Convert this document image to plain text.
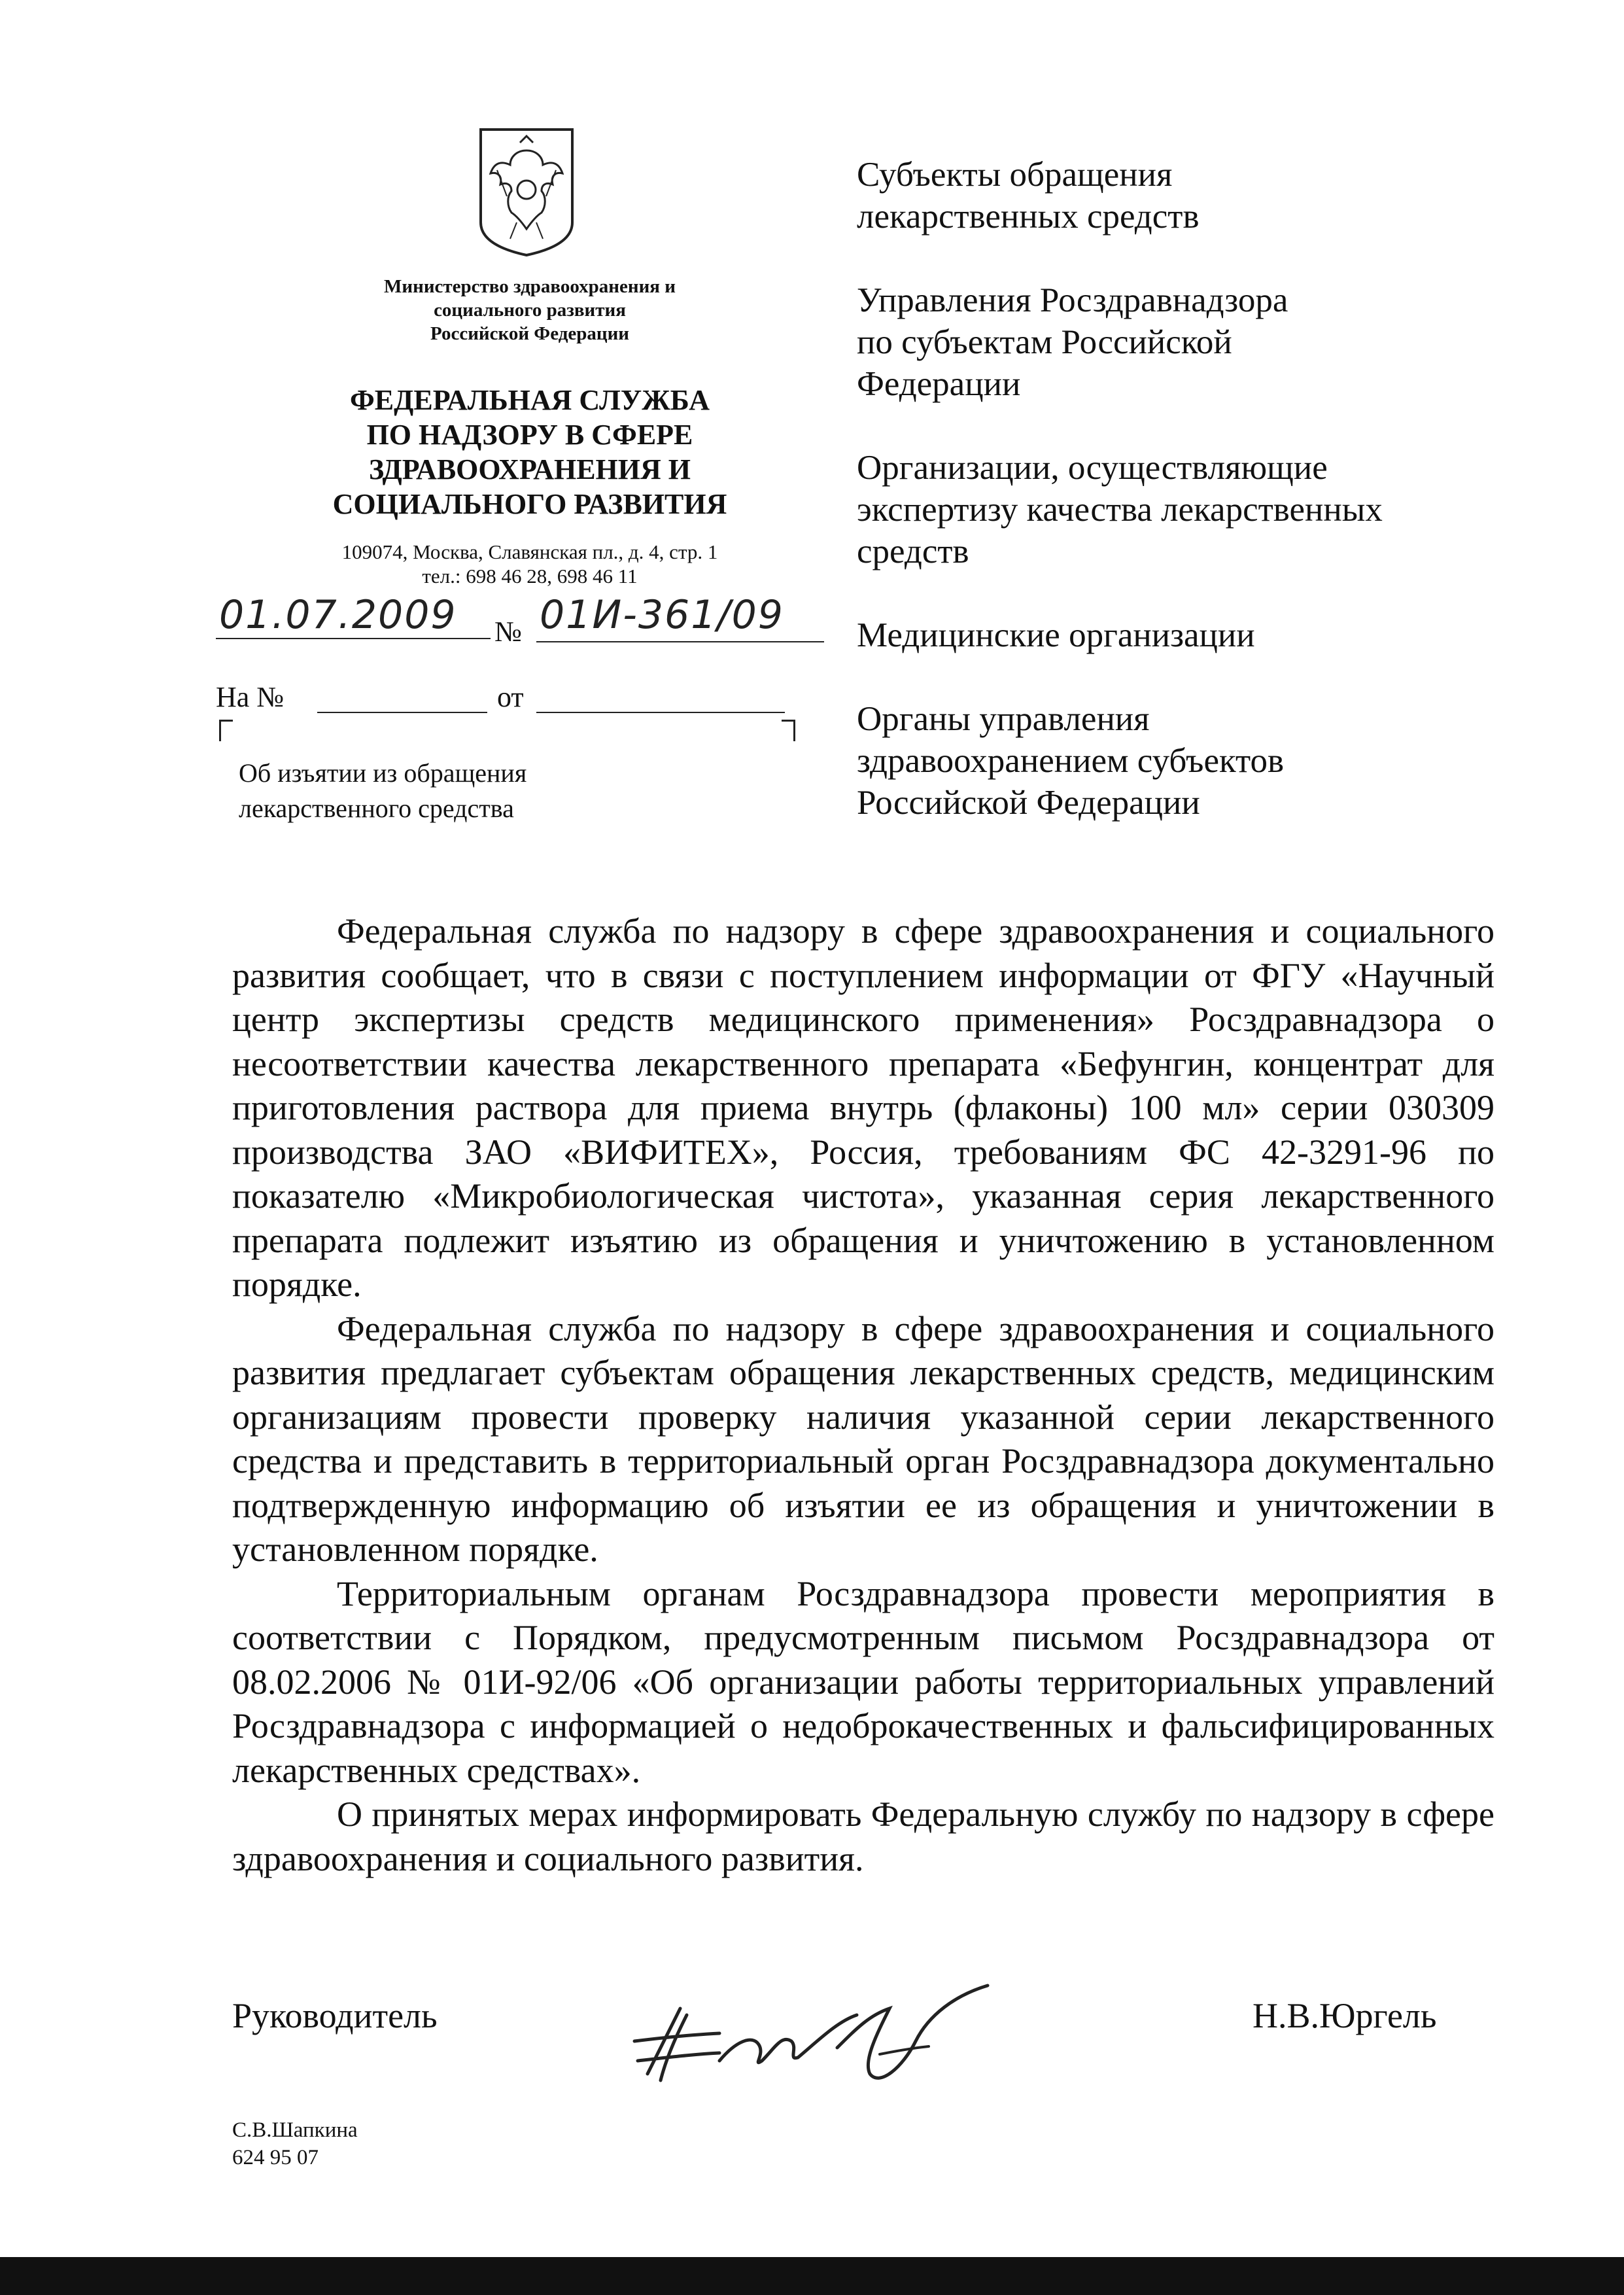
Министерство здравоохранения и
социального развития
Российской Федерации
ФЕДЕРАЛЬНАЯ СЛУЖБА
ПО НАДЗОРУ В СФЕРЕ
ЗДРАВООХРАНЕНИЯ И
СОЦИАЛЬНОГО РАЗВИТИЯ
109074, Москва, Славянская пл., д. 4, стр. 1
тел.: 698 46 28, 698 46 11
01.07.2009 № 01И-361/09
На №	от
Об изъятии из обращения
лекарственного средства
Субъекты обращения
лекарственных средств
Управления Росздравнадзора
по субъектам Российской
Федерации
Организации, осуществляющие
экспертизу качества лекарственных
средств
Медицинские организации
Органы управления
здравоохранением субъектов
Российской Федерации

Федеральная служба по надзору в сфере здравоохранения и социального развития сообщает, что в связи с поступлением информации от ФГУ «Научный центр экспертизы средств медицинского применения» Росздравнадзора о несоответствии качества лекарственного препарата «Бефунгин, концентрат для приготовления раствора для приема внутрь (флаконы) 100 мл» серии 030309 производства ЗАО «ВИФИТЕХ», Россия, требованиям ФС 42-3291-96 по показателю «Микробиологическая чистота», указанная серия лекарственного препарата подлежит изъятию из обращения и уничтожению в установленном порядке.

Федеральная служба по надзору в сфере здравоохранения и социального развития предлагает субъектам обращения лекарственных средств, медицинским организациям провести проверку наличия указанной серии лекарственного средства и представить в территориальный орган Росздравнадзора документально подтвержденную информацию об изъятии ее из обращения и уничтожении в установленном порядке.

Территориальным органам Росздравнадзора провести мероприятия в соответствии с Порядком, предусмотренным письмом Росздравнадзора от 08.02.2006 № 01И-92/06 «Об организации работы территориальных управлений Росздравнадзора с информацией о недоброкачественных и фальсифицированных лекарственных средствах».

О принятых мерах информировать Федеральную службу по надзору в сфере здравоохранения и социального развития.

Руководитель	Н.В.Юргель
С.В.Шапкина
624 95 07
